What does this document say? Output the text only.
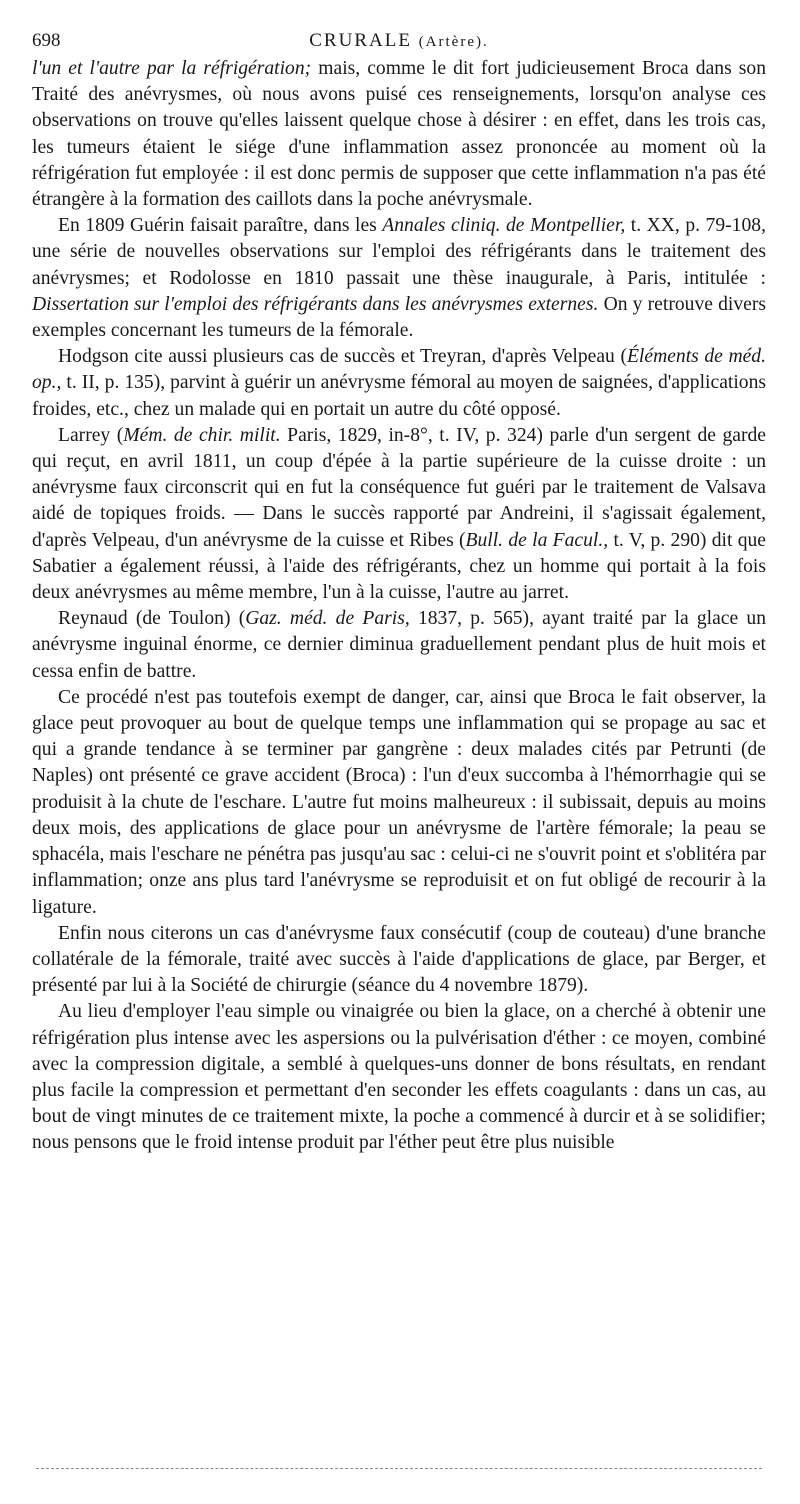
698	CRURALE (Artère).

l'un et l'autre par la réfrigération; mais, comme le dit fort judicieusement Broca dans son Traité des anévrysmes, où nous avons puisé ces renseignements, lorsqu'on analyse ces observations on trouve qu'elles laissent quelque chose à désirer : en effet, dans les trois cas, les tumeurs étaient le siége d'une inflammation assez prononcée au moment où la réfrigération fut employée : il est donc permis de supposer que cette inflammation n'a pas été étrangère à la formation des caillots dans la poche anévrysmale.

En 1809 Guérin faisait paraître, dans les Annales cliniq. de Montpellier, t. XX, p. 79-108, une série de nouvelles observations sur l'emploi des réfrigérants dans le traitement des anévrysmes; et Rodolosse en 1810 passait une thèse inaugurale, à Paris, intitulée : Dissertation sur l'emploi des réfrigérants dans les anévrysmes externes. On y retrouve divers exemples concernant les tumeurs de la fémorale.

Hodgson cite aussi plusieurs cas de succès et Treyran, d'après Velpeau (Éléments de méd. op., t. II, p. 135), parvint à guérir un anévrysme fémoral au moyen de saignées, d'applications froides, etc., chez un malade qui en portait un autre du côté opposé.

Larrey (Mém. de chir. milit. Paris, 1829, in-8°, t. IV, p. 324) parle d'un sergent de garde qui reçut, en avril 1811, un coup d'épée à la partie supérieure de la cuisse droite : un anévrysme faux circonscrit qui en fut la conséquence fut guéri par le traitement de Valsava aidé de topiques froids. — Dans le succès rapporté par Andreini, il s'agissait également, d'après Velpeau, d'un anévrysme de la cuisse et Ribes (Bull. de la Facul., t. V, p. 290) dit que Sabatier a également réussi, à l'aide des réfrigérants, chez un homme qui portait à la fois deux anévrysmes au même membre, l'un à la cuisse, l'autre au jarret.

Reynaud (de Toulon) (Gaz. méd. de Paris, 1837, p. 565), ayant traité par la glace un anévrysme inguinal énorme, ce dernier diminua graduellement pendant plus de huit mois et cessa enfin de battre.

Ce procédé n'est pas toutefois exempt de danger, car, ainsi que Broca le fait observer, la glace peut provoquer au bout de quelque temps une inflammation qui se propage au sac et qui a grande tendance à se terminer par gangrène : deux malades cités par Petrunti (de Naples) ont présenté ce grave accident (Broca) : l'un d'eux succomba à l'hémorrhagie qui se produisit à la chute de l'eschare. L'autre fut moins malheureux : il subissait, depuis au moins deux mois, des applications de glace pour un anévrysme de l'artère fémorale; la peau se sphacéla, mais l'eschare ne pénétra pas jusqu'au sac : celui-ci ne s'ouvrit point et s'oblitéra par inflammation; onze ans plus tard l'anévrysme se reproduisit et on fut obligé de recourir à la ligature.

Enfin nous citerons un cas d'anévrysme faux consécutif (coup de couteau) d'une branche collatérale de la fémorale, traité avec succès à l'aide d'applications de glace, par Berger, et présenté par lui à la Société de chirurgie (séance du 4 novembre 1879).

Au lieu d'employer l'eau simple ou vinaigrée ou bien la glace, on a cherché à obtenir une réfrigération plus intense avec les aspersions ou la pulvérisation d'éther : ce moyen, combiné avec la compression digitale, a semblé à quelques-uns donner de bons résultats, en rendant plus facile la compression et permettant d'en seconder les effets coagulants : dans un cas, au bout de vingt minutes de ce traitement mixte, la poche a commencé à durcir et à se solidifier; nous pensons que le froid intense produit par l'éther peut être plus nuisible
